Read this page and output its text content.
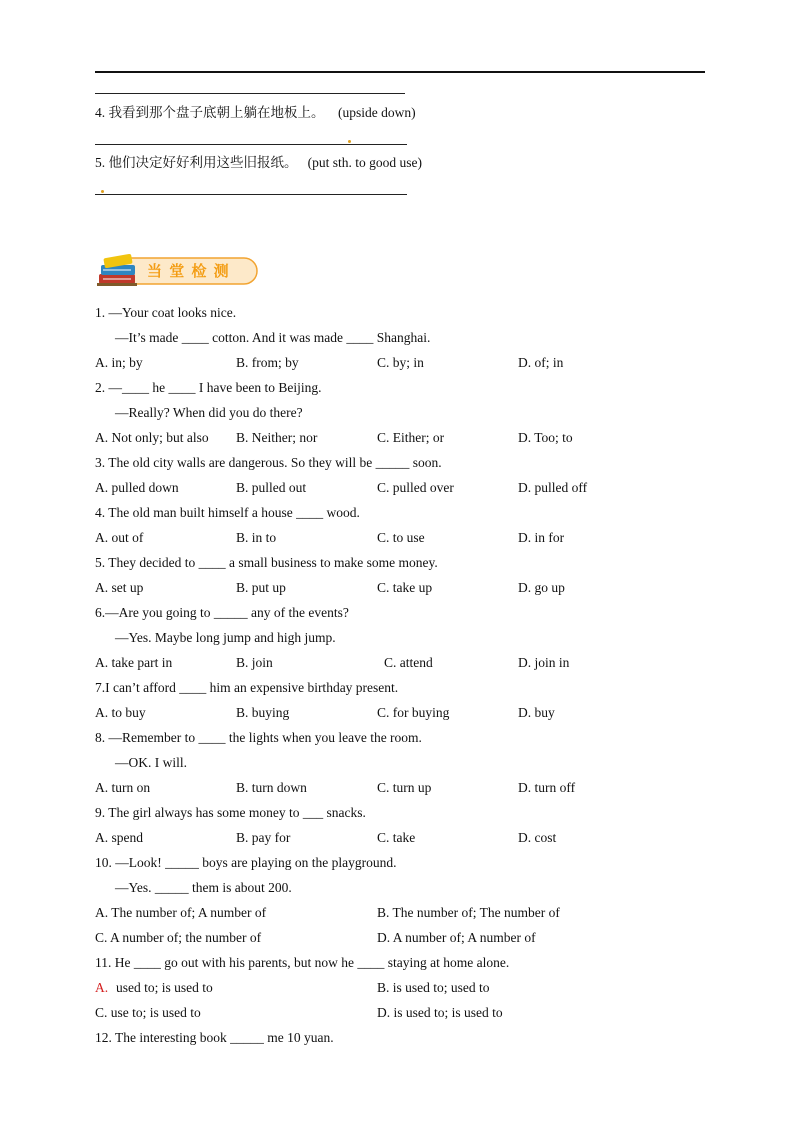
4. 我看到那个盘子底朝上躺在地板上。 (upside down)
5. 他们决定好好利用这些旧报纸。 (put sth. to good use)
当 堂 检 测
1. —Your coat looks nice.
—It’s made ____ cotton. And it was made ____ Shanghai.
A. in; by	B. from; by	C. by; in	D. of; in
2. —____ he ____ I have been to Beijing.
—Really? When did you do there?
A. Not only; but also B. Neither; nor	C. Either; or	D. Too; to
3. The old city walls are dangerous. So they will be _____ soon.
A. pulled down	B. pulled out	C. pulled over	D. pulled off
4. The old man built himself a house ____ wood.
A. out of	B. in to	C. to use	D. in for
5. They decided to ____ a small business to make some money.
A. set up	B. put up	C. take up	D. go up
6.—Are you going to _____ any of the events?
—Yes. Maybe long jump and high jump.
A. take part in	B. join	C. attend	D. join in
7.I can’t afford ____ him an expensive birthday present.
A. to buy	B. buying	C. for buying	D. buy
8. —Remember to ____ the lights when you leave the room.
—OK. I will.
A. turn on	B. turn down	C. turn up	D. turn off
9. The girl always has some money to ___ snacks.
A. spend	B. pay for	C. take	D. cost
10. —Look! _____ boys are playing on the playground.
—Yes. _____ them is about 200.
A. The number of; A number of	B. The number of; The number of
C. A number of; the number of	D. A number of; A number of
11. He ____ go out with his parents, but now he ____ staying at home alone.
A. used to; is used to	B. is used to; used to
C. use to; is used to	D. is used to; is used to
12. The interesting book _____ me 10 yuan.
